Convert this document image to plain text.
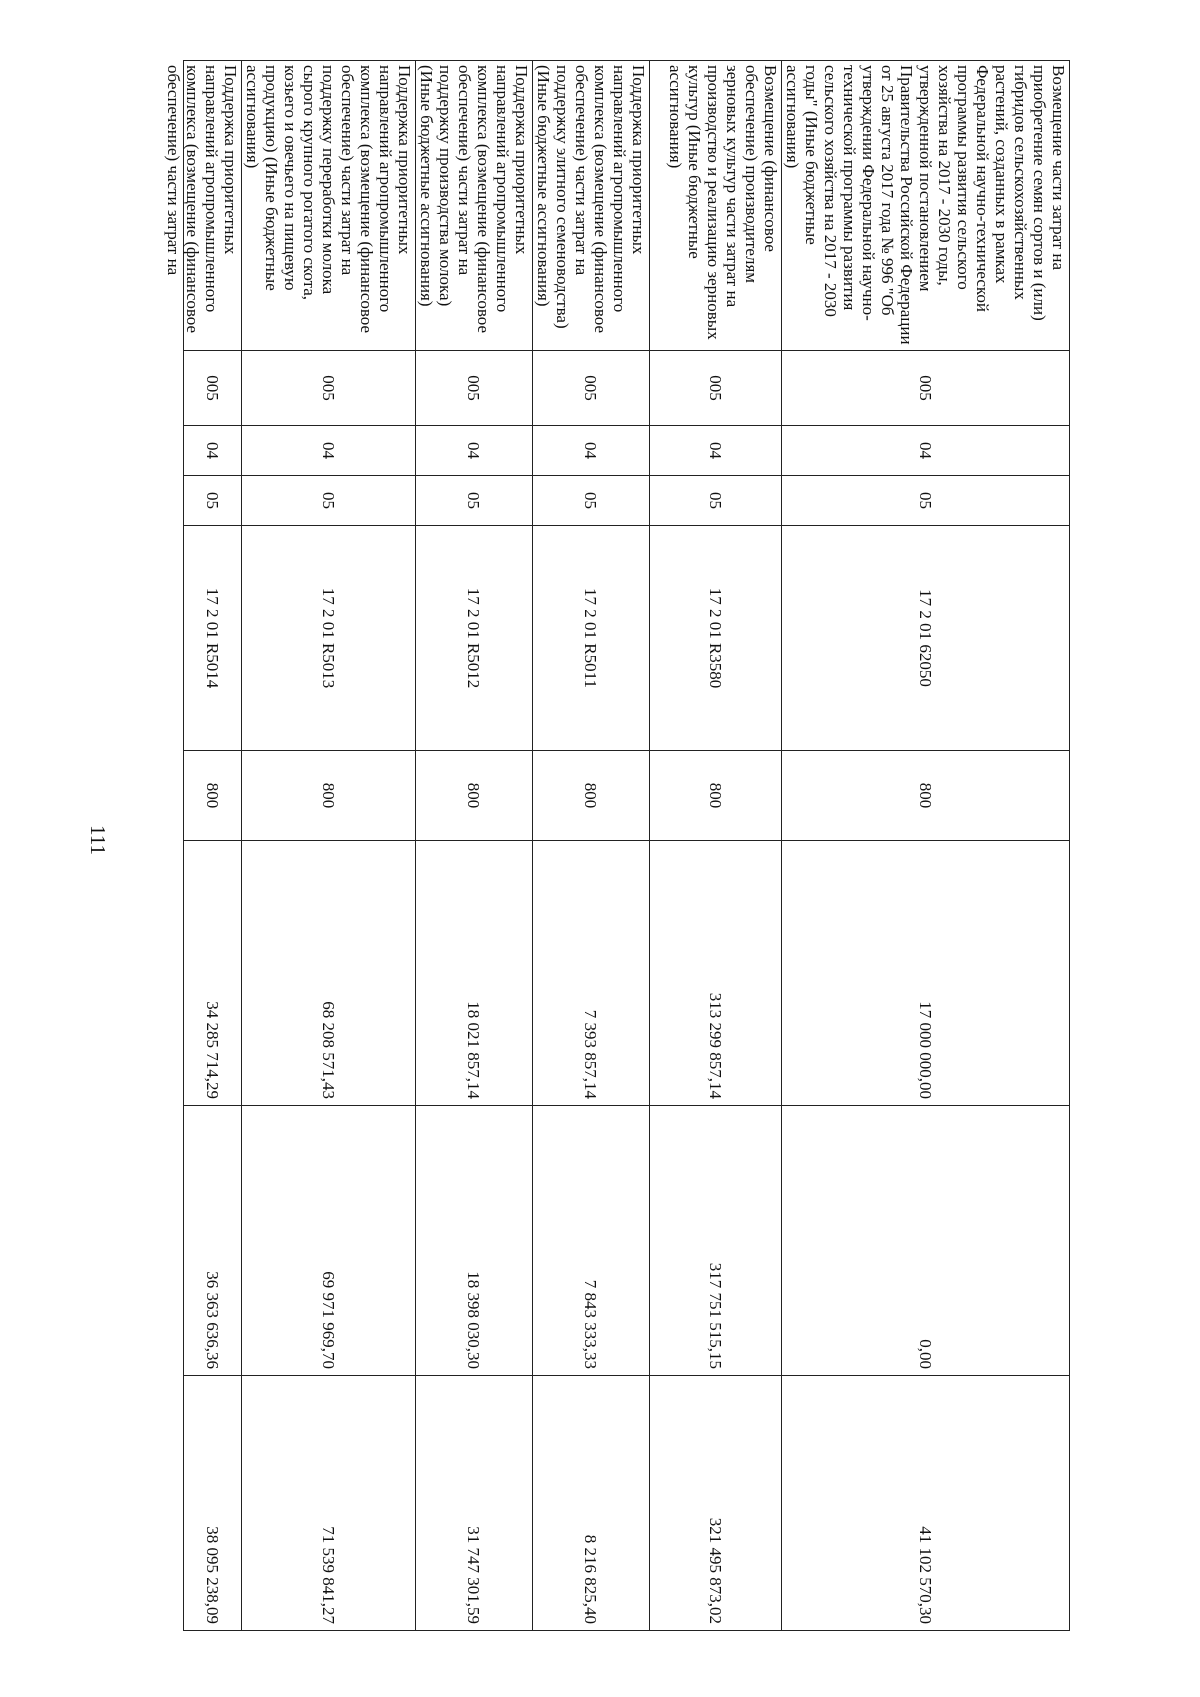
111
Возмещение части затрат на приобретение семян сортов и (или) гибридов сельскохозяйственных растений, созданных в рамках Федеральной научно-технической программы развития сельского хозяйства на 2017 - 2030 годы, утвержденной постановлением Правительства Российской Федерации от 25 августа 2017 года № 996 "Об утверждении Федеральной научно-технической программы развития сельского хозяйства на 2017 - 2030 годы" (Иные бюджетные ассигнования)	005	04	05	17 2 01 62050	800	17 000 000,00	0,00	41 102 570,30
Возмещение (финансовое обеспечение) производителям зерновых культур части затрат на производство и реализацию зерновых культур (Иные бюджетные ассигнования)	005	04	05	17 2 01 R3580	800	313 299 857,14	317 751 515,15	321 495 873,02
Поддержка приоритетных направлений агропромышленного комплекса (возмещение (финансовое обеспечение) части затрат на поддержку элитного семеноводства) (Иные бюджетные ассигнования)	005	04	05	17 2 01 R5011	800	7 393 857,14	7 843 333,33	8 216 825,40
Поддержка приоритетных направлений агропромышленного комплекса (возмещение (финансовое обеспечение) части затрат на поддержку производства молока) (Иные бюджетные ассигнования)	005	04	05	17 2 01 R5012	800	18 021 857,14	18 398 030,30	31 747 301,59
Поддержка приоритетных направлений агропромышленного комплекса (возмещение (финансовое обеспечение) части затрат на поддержку переработки молока сырого крупного рогатого скота, козьего и овечьего на пищевую продукцию) (Иные бюджетные ассигнования)	005	04	05	17 2 01 R5013	800	68 208 571,43	69 971 969,70	71 539 841,27

Поддержка приоритетных направлений агропромышленного комплекса (возмещение (финансовое обеспечение) части затрат на	005	04	05	17 2 01 R5014	800	34 285 714,29	36 363 636,36	38 095 238,09
